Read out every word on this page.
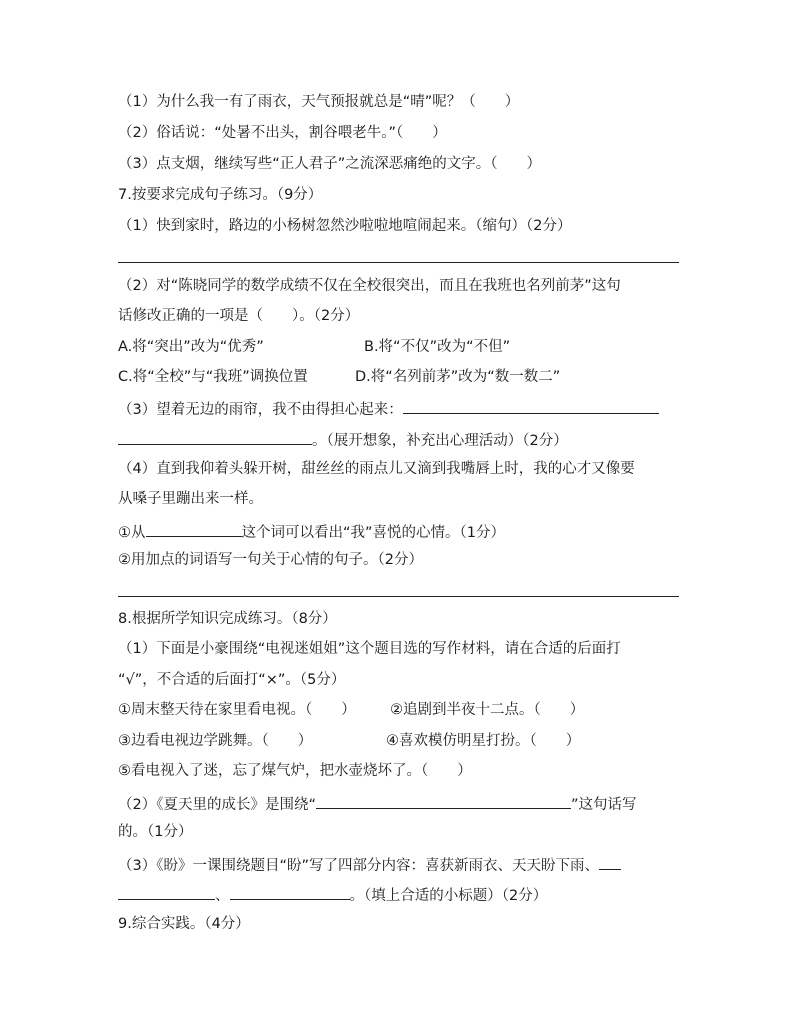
（1）为什么我一有了雨衣，天气预报就总是“晴”呢？（　　）
（2）俗话说：“处暑不出头，割谷喂老牛。”（　　）
（3）点支烟，继续写些“正人君子”之流深恶痛绝的文字。（　　）
7.按要求完成句子练习。（9分）
（1）快到家时，路边的小杨树忽然沙啦啦地喧闹起来。（缩句）（2分）
（2）对“陈晓同学的数学成绩不仅在全校很突出，而且在我班也名列前茅”这句
话修改正确的一项是（　　）。（2分）
A.将“突出”改为“优秀”	B.将“不仅”改为“不但”
C.将“全校”与“我班”调换位置	D.将“名列前茅”改为“数一数二”
（3）望着无边的雨帘，我不由得担心起来：
。（展开想象，补充出心理活动）（2分）
（4）直到我仰着头躲开树，甜丝丝的雨点儿又滴到我嘴唇上时，我的心才又像要
从嗓子里蹦出来一样。
①从	这个词可以看出“我”喜悦的心情。（1分）
②用加点的词语写一句关于心情的句子。（2分）
8.根据所学知识完成练习。（8分）
（1）下面是小豪围绕“电视迷姐姐”这个题目选的写作材料，请在合适的后面打
“√”，不合适的后面打“×”。（5分）
①周末整天待在家里看电视。（　　） ②追剧到半夜十二点。（　　）
③边看电视边学跳舞。（　　）	④喜欢模仿明星打扮。（　　）
⑤看电视入了迷，忘了煤气炉，把水壶烧坏了。（　　）
（2）《夏天里的成长》是围绕“	”这句话写
的。（1分）
（3）《盼》一课围绕题目“盼”写了四部分内容：喜获新雨衣、天天盼下雨、
、	。（填上合适的小标题）（2分）
9.综合实践。（4分）
